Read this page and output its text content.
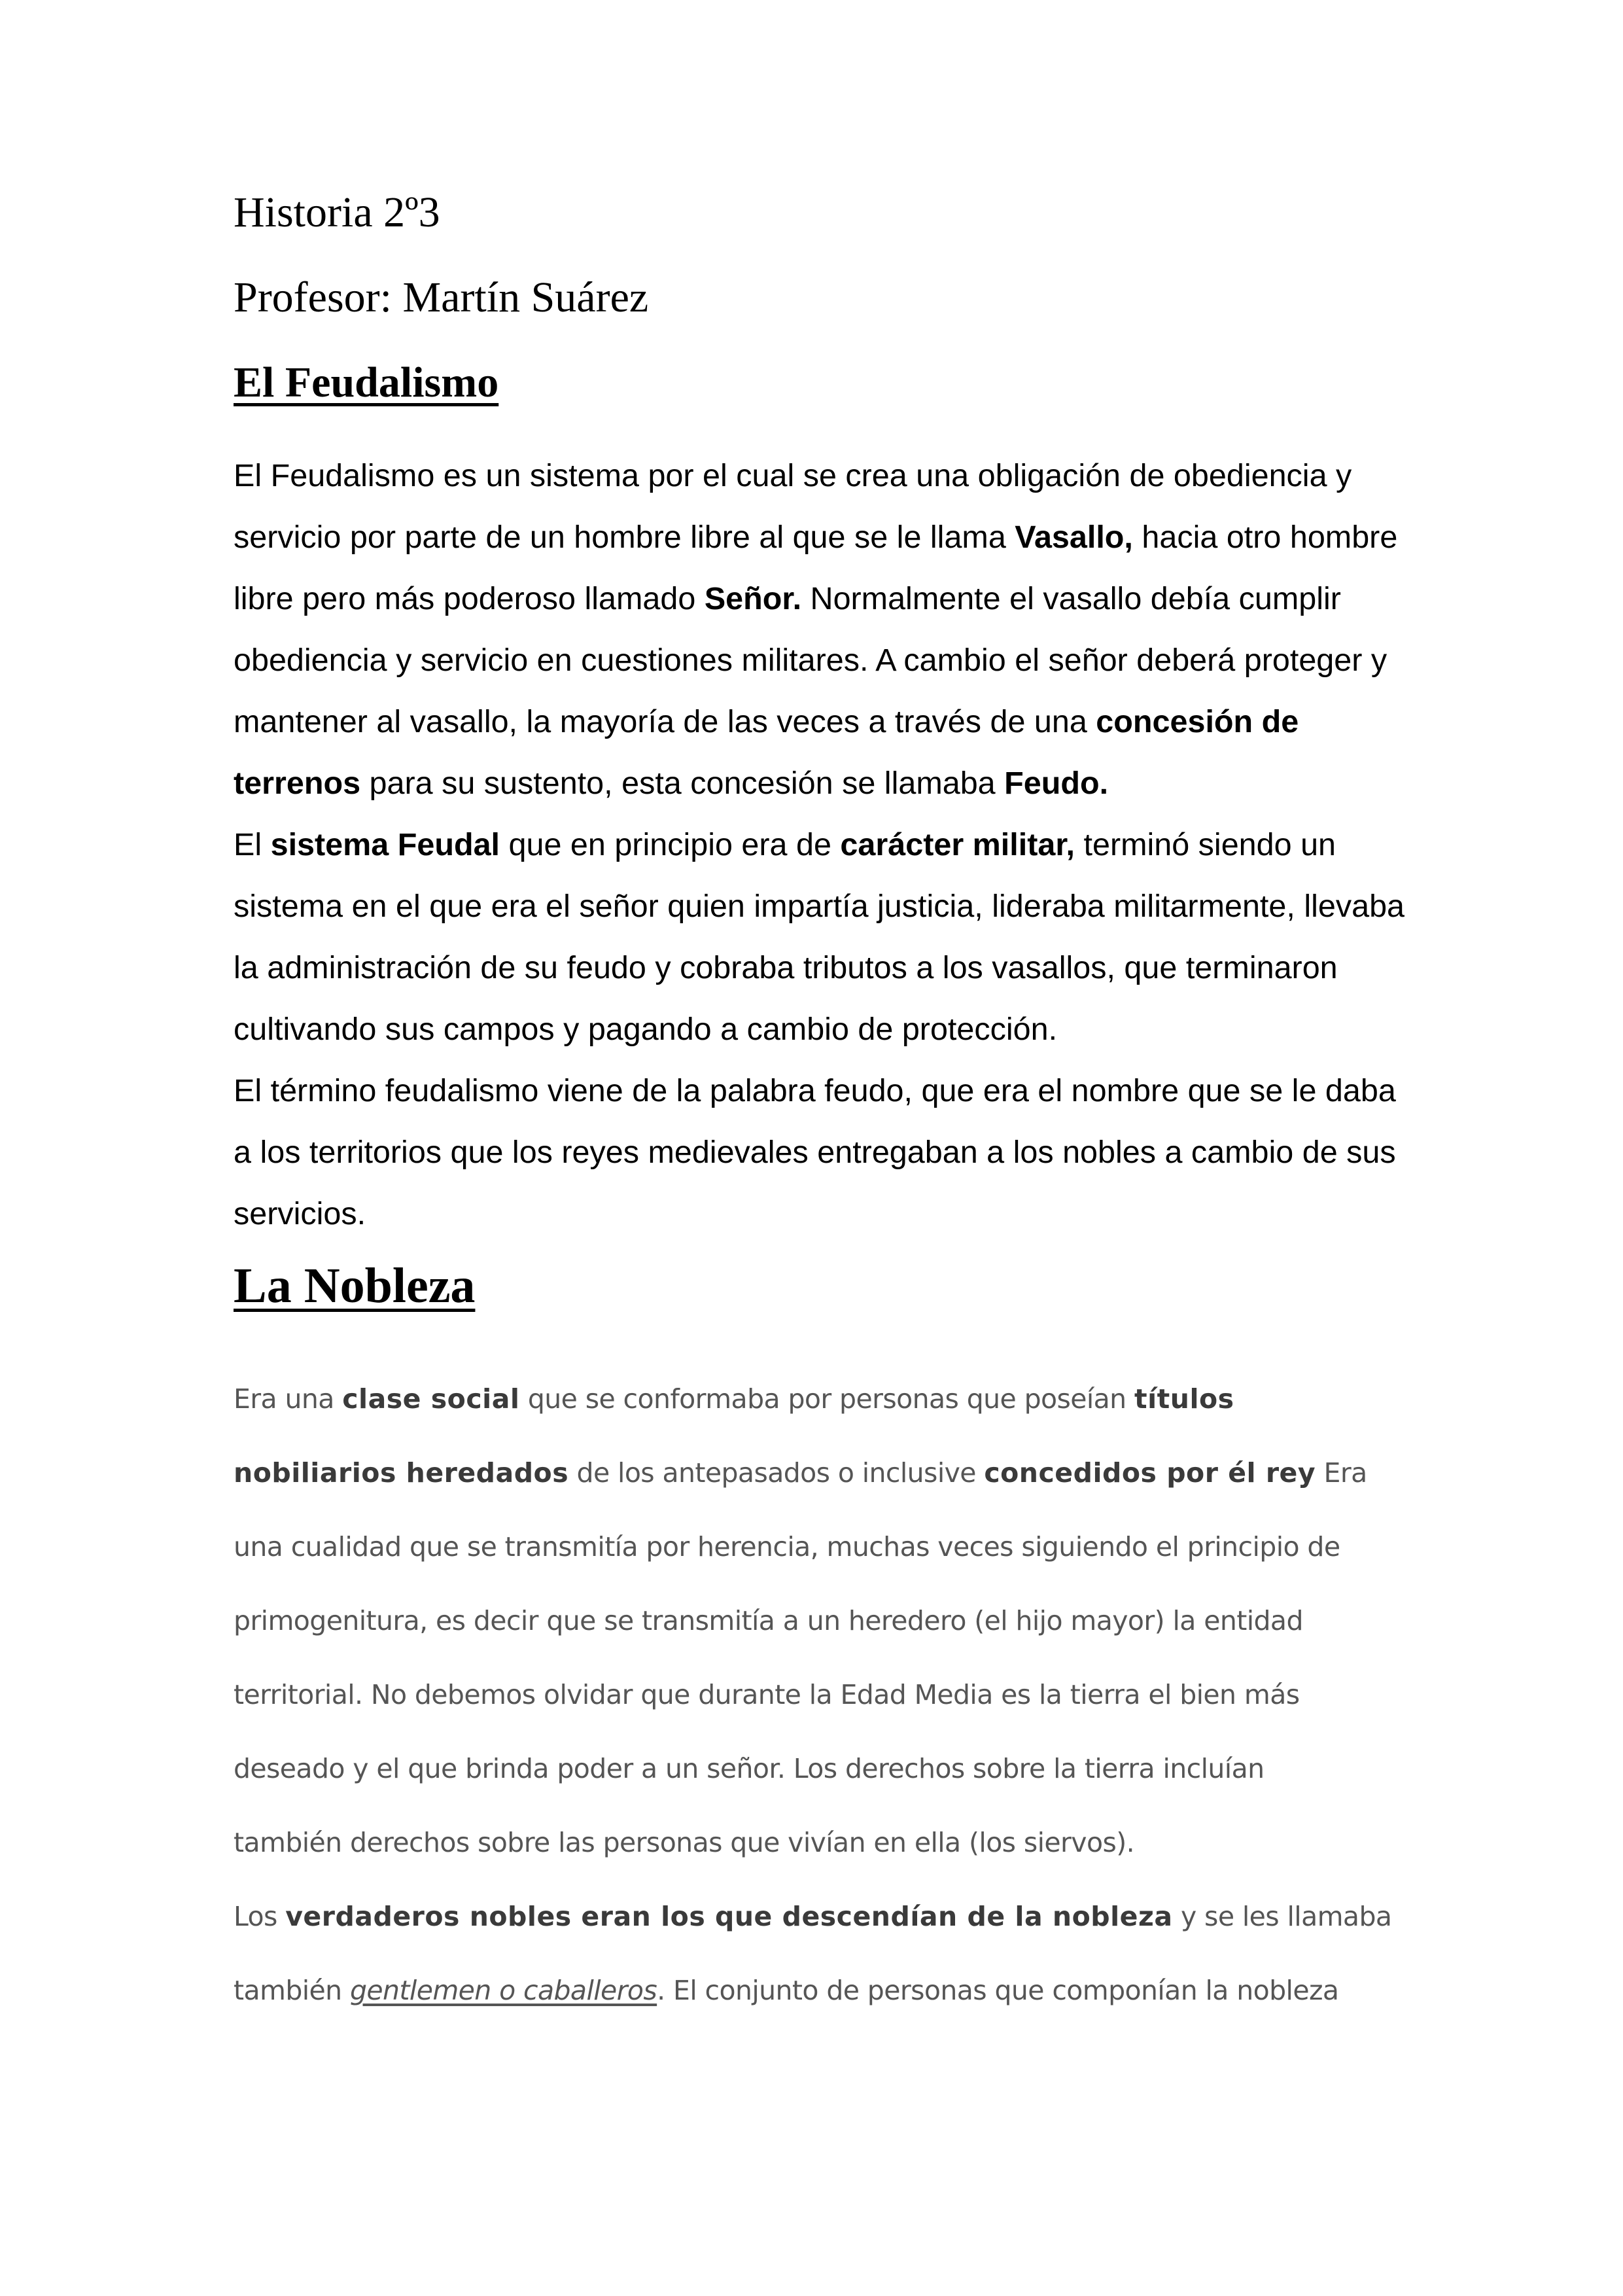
Historia 2º3

Profesor: Martín Suárez

El Feudalismo

El Feudalismo es un sistema por el cual se crea una obligación de obediencia y
servicio por parte de un hombre libre al que se le llama Vasallo, hacia otro hombre
libre pero más poderoso llamado Señor. Normalmente el vasallo debía cumplir
obediencia y servicio en cuestiones militares. A cambio el señor deberá proteger y
mantener al vasallo, la mayoría de las veces a través de una concesión de
terrenos para su sustento, esta concesión se llamaba Feudo.

El sistema Feudal que en principio era de carácter militar, terminó siendo un
sistema en el que era el señor quien impartía justicia, lideraba militarmente, llevaba
la administración de su feudo y cobraba tributos a los vasallos, que terminaron
cultivando sus campos y pagando a cambio de protección.

El término feudalismo viene de la palabra feudo, que era el nombre que se le daba
a los territorios que los reyes medievales entregaban a los nobles a cambio de sus
servicios.

La Nobleza

Era una clase social que se conformaba por personas que poseían títulos
nobiliarios heredados de los antepasados o inclusive concedidos por él rey Era
una cualidad que se transmitía por herencia, muchas veces siguiendo el principio de
primogenitura, es decir que se transmitía a un heredero (el hijo mayor) la entidad
territorial. No debemos olvidar que durante la Edad Media es la tierra el bien más
deseado y el que brinda poder a un señor. Los derechos sobre la tierra incluían
también derechos sobre las personas que vivían en ella (los siervos).

Los verdaderos nobles eran los que descendían de la nobleza y se les llamaba
también gentlemen o caballeros. El conjunto de personas que componían la nobleza
